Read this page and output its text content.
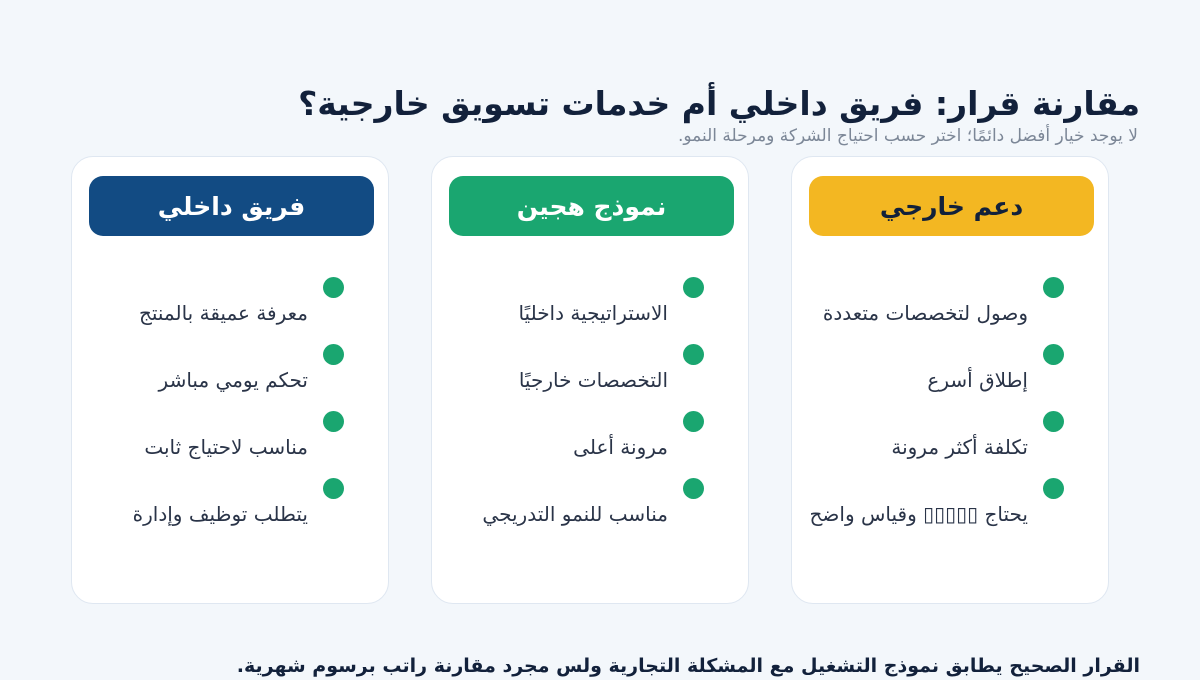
مقارنة قرار: فريق داخلي أم خدمات تسويق خارجية؟

لا يوجد خيار أفضل دائمًا؛ اختر حسب احتياج الشركة ومرحلة النمو.

دعم خارجي
وصول لتخصصات متعددة
إطلاق أسرع
تكلفة أكثر مرونة
يحتاج ▯▯▯▯▯ وقياس واضح
نموذج هجين
الاستراتيجية داخليًا
التخصصات خارجيًا
مرونة أعلى
مناسب للنمو التدريجي
فريق داخلي
معرفة عميقة بالمنتج
تحكم يومي مباشر
مناسب لاحتياج ثابت
يتطلب توظيف وإدارة

القرار الصحيح يطابق نموذج التشغيل مع المشكلة التجارية ولس مجرد مقارنة راتب برسوم شهرية.
